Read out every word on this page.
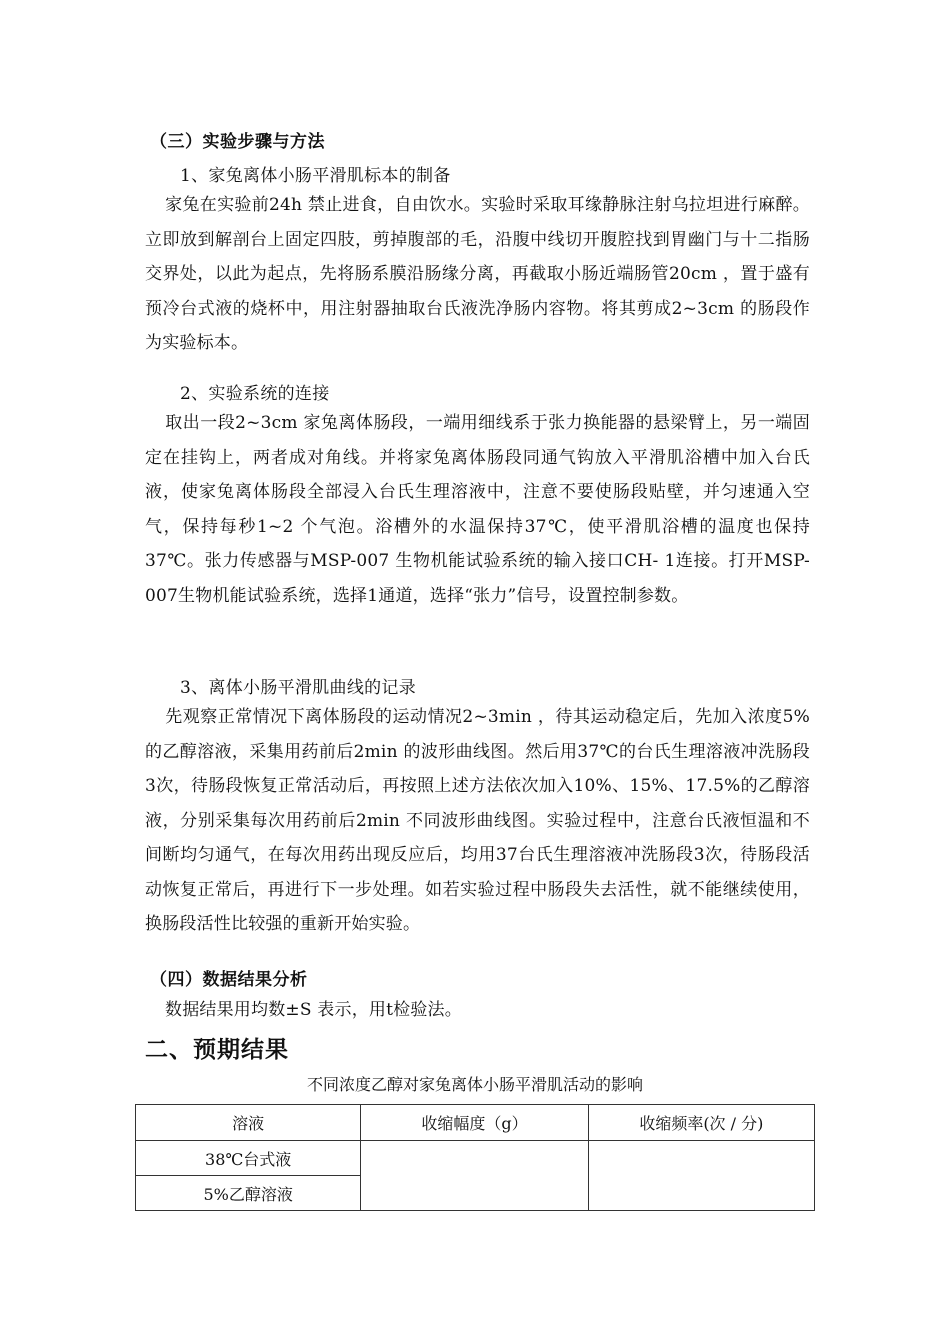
（三）实验步骤与方法
1、家兔离体小肠平滑肌标本的制备

家兔在实验前24h 禁止进食，自由饮水。实验时采取耳缘静脉注射乌拉坦进行麻醉。立即放到解剖台上固定四肢，剪掉腹部的毛，沿腹中线切开腹腔找到胃幽门与十二指肠交界处，以此为起点，先将肠系膜沿肠缘分离，再截取小肠近端肠管20cm ，置于盛有预冷台式液的烧杯中，用注射器抽取台氏液洗净肠内容物。将其剪成2~3cm 的肠段作为实验标本。

2、实验系统的连接

取出一段2~3cm 家兔离体肠段，一端用细线系于张力换能器的悬梁臂上，另一端固定在挂钩上，两者成对角线。并将家兔离体肠段同通气钩放入平滑肌浴槽中加入台氏液，使家兔离体肠段全部浸入台氏生理溶液中，注意不要使肠段贴壁，并匀速通入空气，保持每秒1~2 个气泡。浴槽外的水温保持37℃，使平滑肌浴槽的温度也保持37℃。张力传感器与MSP-007 生物机能试验系统的输入接口CH- 1连接。打开MSP-007生物机能试验系统，选择1通道，选择“张力”信号，设置控制参数。

3、离体小肠平滑肌曲线的记录

先观察正常情况下离体肠段的运动情况2~3min ，待其运动稳定后，先加入浓度5%的乙醇溶液，采集用药前后2min 的波形曲线图。然后用37℃的台氏生理溶液冲洗肠段3次，待肠段恢复正常活动后，再按照上述方法依次加入10%、15%、17.5%的乙醇溶液，分别采集每次用药前后2min 不同波形曲线图。实验过程中，注意台氏液恒温和不间断均匀通气，在每次用药出现反应后，均用37台氏生理溶液冲洗肠段3次，待肠段活动恢复正常后，再进行下一步处理。如若实验过程中肠段失去活性，就不能继续使用，换肠段活性比较强的重新开始实验。

（四）数据结果分析

数据结果用均数±S 表示，用t检验法。

二、预期结果
不同浓度乙醇对家兔离体小肠平滑肌活动的影响
溶液	收缩幅度（g）	收缩频率(次 / 分)
38℃台式液		
5%乙醇溶液		
